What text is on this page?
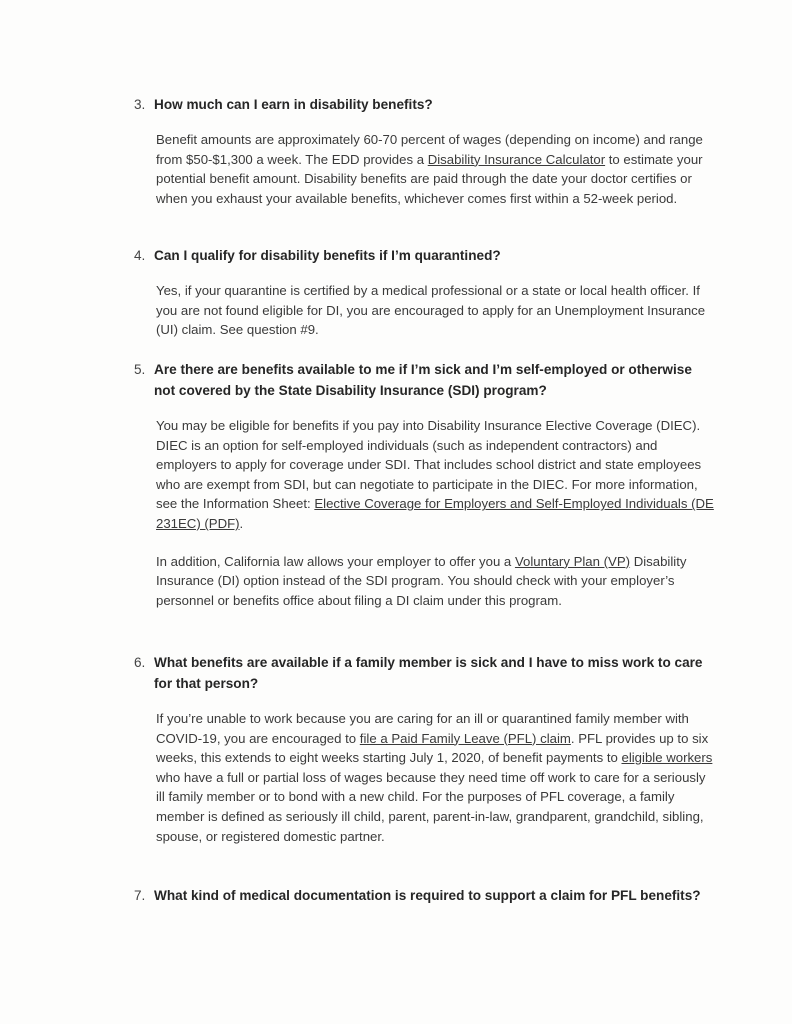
3. How much can I earn in disability benefits?
Benefit amounts are approximately 60-70 percent of wages (depending on income) and range from $50-$1,300 a week. The EDD provides a Disability Insurance Calculator to estimate your potential benefit amount. Disability benefits are paid through the date your doctor certifies or when you exhaust your available benefits, whichever comes first within a 52-week period.
4. Can I qualify for disability benefits if I’m quarantined?
Yes, if your quarantine is certified by a medical professional or a state or local health officer. If you are not found eligible for DI, you are encouraged to apply for an Unemployment Insurance (UI) claim. See question #9.
5. Are there are benefits available to me if I’m sick and I’m self-employed or otherwise not covered by the State Disability Insurance (SDI) program?
You may be eligible for benefits if you pay into Disability Insurance Elective Coverage (DIEC). DIEC is an option for self-employed individuals (such as independent contractors) and employers to apply for coverage under SDI. That includes school district and state employees who are exempt from SDI, but can negotiate to participate in the DIEC. For more information, see the Information Sheet: Elective Coverage for Employers and Self-Employed Individuals (DE 231EC) (PDF).
In addition, California law allows your employer to offer you a Voluntary Plan (VP) Disability Insurance (DI) option instead of the SDI program. You should check with your employer’s personnel or benefits office about filing a DI claim under this program.
6. What benefits are available if a family member is sick and I have to miss work to care for that person?
If you’re unable to work because you are caring for an ill or quarantined family member with COVID-19, you are encouraged to file a Paid Family Leave (PFL) claim. PFL provides up to six weeks, this extends to eight weeks starting July 1, 2020, of benefit payments to eligible workers who have a full or partial loss of wages because they need time off work to care for a seriously ill family member or to bond with a new child. For the purposes of PFL coverage, a family member is defined as seriously ill child, parent, parent-in-law, grandparent, grandchild, sibling, spouse, or registered domestic partner.
7. What kind of medical documentation is required to support a claim for PFL benefits?
